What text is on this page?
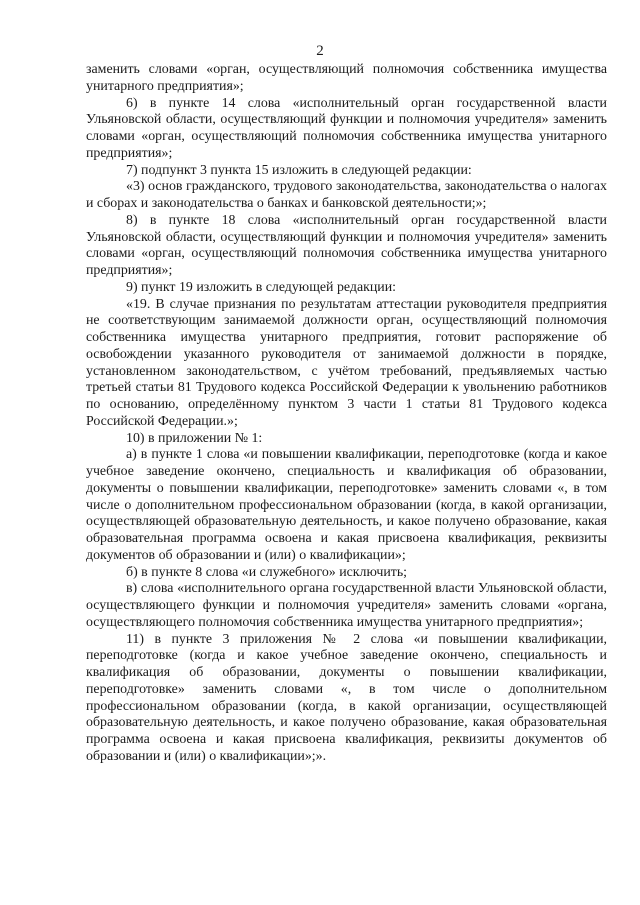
2

заменить словами «орган, осуществляющий полномочия собственника имущества унитарного предприятия»;

6) в пункте 14 слова «исполнительный орган государственной власти Ульяновской области, осуществляющий функции и полномочия учредителя» заменить словами «орган, осуществляющий полномочия собственника имущества унитарного предприятия»;

7) подпункт 3 пункта 15 изложить в следующей редакции:

«3) основ гражданского, трудового законодательства, законодательства о налогах и сборах и законодательства о банках и банковской деятельности;»;

8) в пункте 18 слова «исполнительный орган государственной власти Ульяновской области, осуществляющий функции и полномочия учредителя» заменить словами «орган, осуществляющий полномочия собственника имущества унитарного предприятия»;

9) пункт 19 изложить в следующей редакции:

«19. В случае признания по результатам аттестации руководителя предприятия не соответствующим занимаемой должности орган, осуществляющий полномочия собственника имущества унитарного предприятия, готовит распоряжение об освобождении указанного руководителя от занимаемой должности в порядке, установленном законодательством, с учётом требований, предъявляемых частью третьей статьи 81 Трудового кодекса Российской Федерации к увольнению работников по основанию, определённому пунктом 3 части 1 статьи 81 Трудового кодекса Российской Федерации.»;

10) в приложении № 1:

а) в пункте 1 слова «и повышении квалификации, переподготовке (когда и какое учебное заведение окончено, специальность и квалификация об образовании, документы о повышении квалификации, переподготовке» заменить словами «, в том числе о дополнительном профессиональном образовании (когда, в какой организации, осуществляющей образовательную деятельность, и какое получено образование, какая образовательная программа освоена и какая присвоена квалификация, реквизиты документов об образовании и (или) о квалификации»;

б) в пункте 8 слова «и служебного» исключить;

в) слова «исполнительного органа государственной власти Ульяновской области, осуществляющего функции и полномочия учредителя» заменить словами «органа, осуществляющего полномочия собственника имущества унитарного предприятия»;

11) в пункте 3 приложения № 2 слова «и повышении квалификации, переподготовке (когда и какое учебное заведение окончено, специальность и квалификация об образовании, документы о повышении квалификации, переподготовке» заменить словами «, в том числе о дополнительном профессиональном образовании (когда, в какой организации, осуществляющей образовательную деятельность, и какое получено образование, какая образовательная программа освоена и какая присвоена квалификация, реквизиты документов об образовании и (или) о квалификации»;».
